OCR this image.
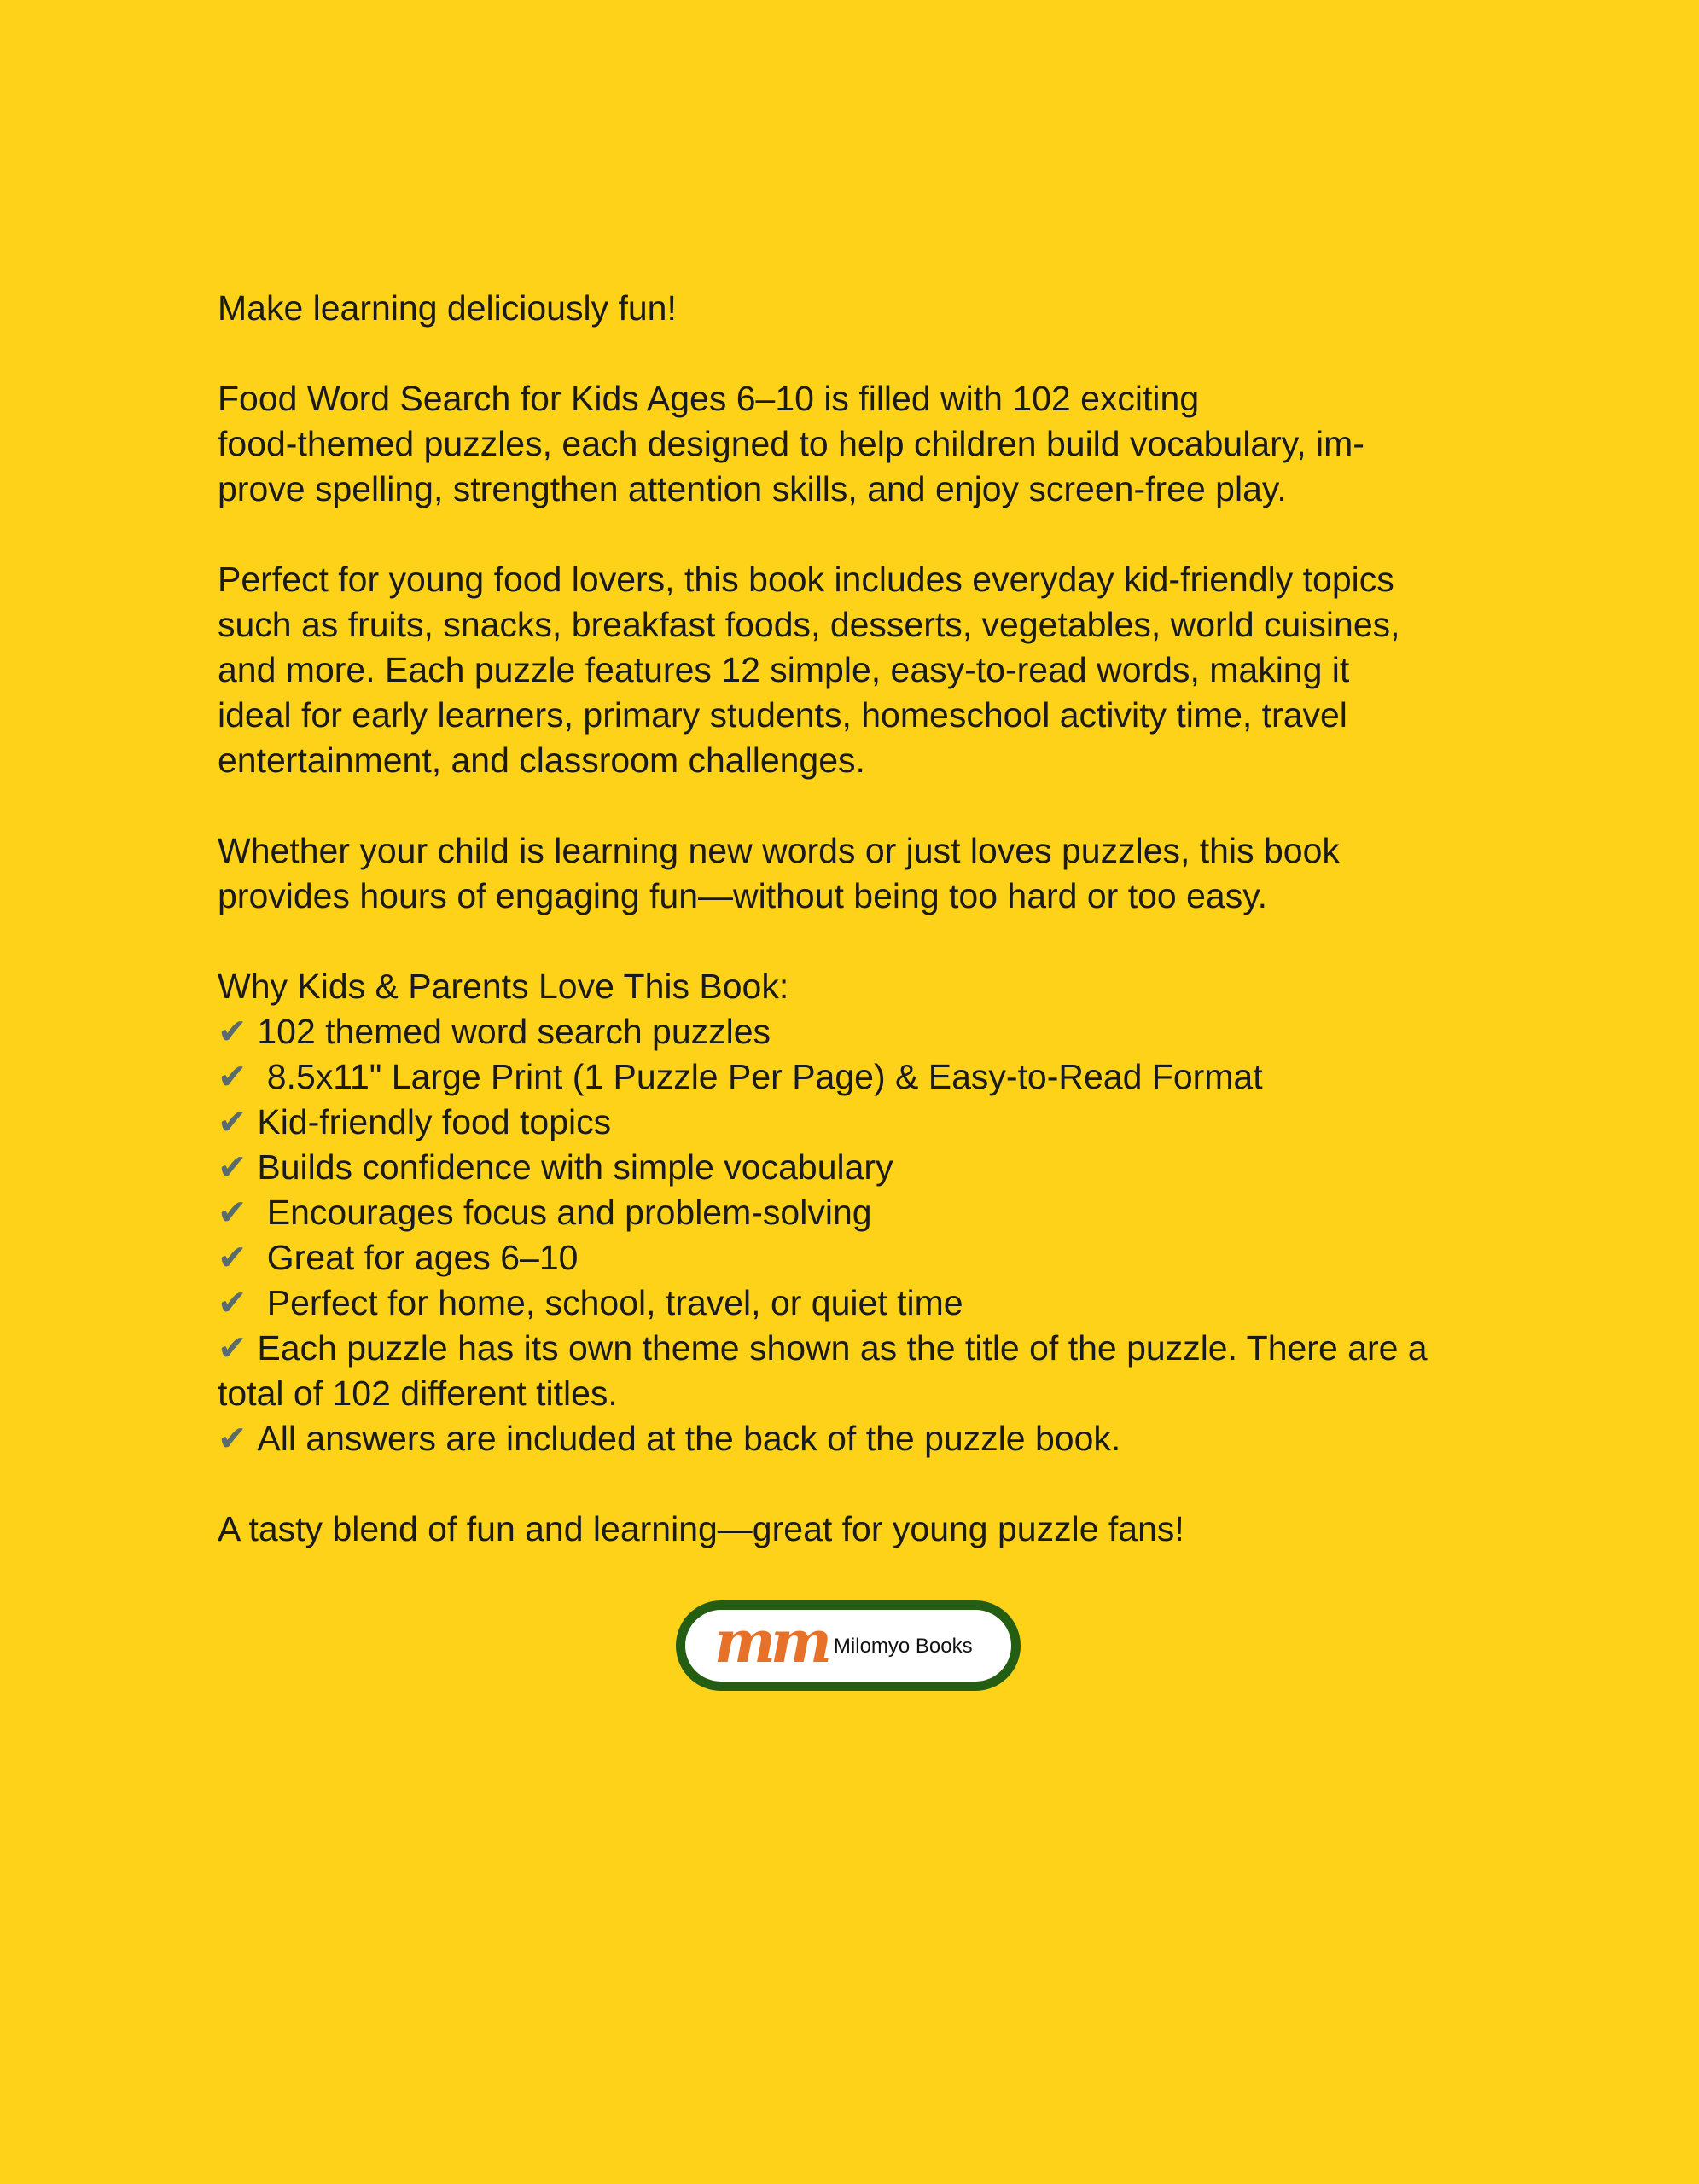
Make learning deliciously fun!

Food Word Search for Kids Ages 6–10 is filled with 102 exciting
food-themed puzzles, each designed to help children build vocabulary, im-
prove spelling, strengthen attention skills, and enjoy screen-free play.

Perfect for young food lovers, this book includes everyday kid-friendly topics
such as fruits, snacks, breakfast foods, desserts, vegetables, world cuisines,
and more. Each puzzle features 12 simple, easy-to-read words, making it
ideal for early learners, primary students, homeschool activity time, travel
entertainment, and classroom challenges.

Whether your child is learning new words or just loves puzzles, this book
provides hours of engaging fun—without being too hard or too easy.

Why Kids & Parents Love This Book:

✔ 102 themed word search puzzles
✔ 8.5x11" Large Print (1 Puzzle Per Page) & Easy-to-Read Format
✔ Kid-friendly food topics
✔ Builds confidence with simple vocabulary
✔ Encourages focus and problem-solving
✔ Great for ages 6–10
✔ Perfect for home, school, travel, or quiet time
✔ Each puzzle has its own theme shown as the title of the puzzle. There are a
total of 102 different titles.
✔ All answers are included at the back of the puzzle book.

A tasty blend of fun and learning—great for young puzzle fans!

mm Milomyo Books
